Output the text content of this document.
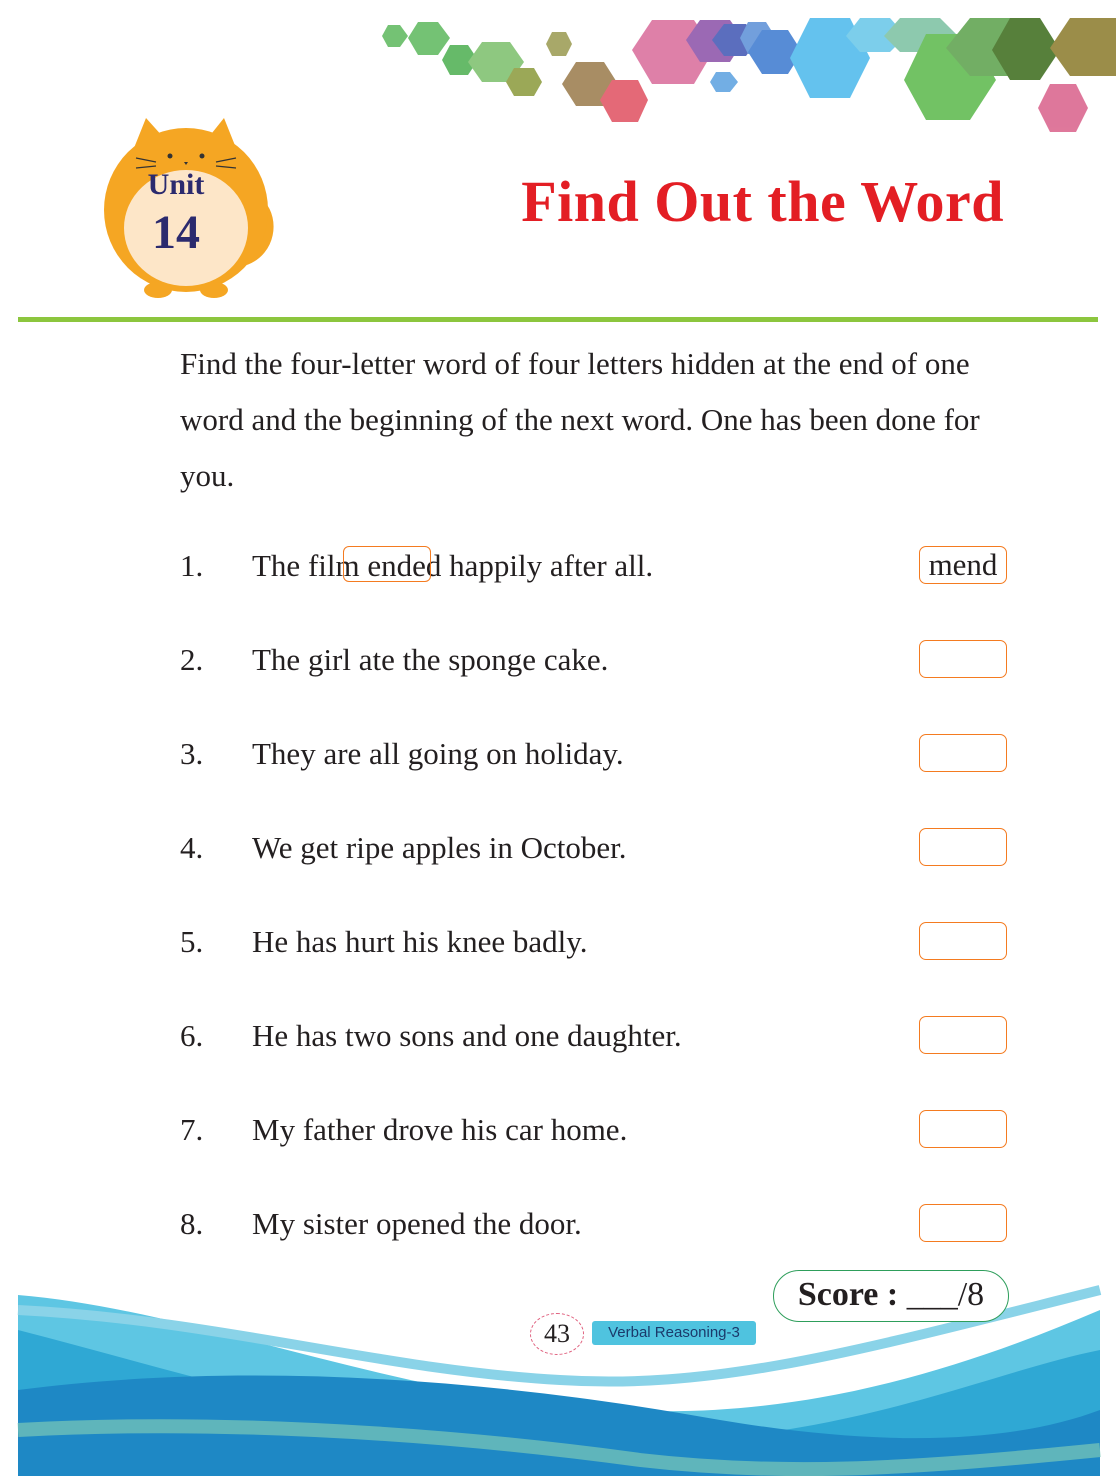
Unit
14	Find Out the Word
Find the four-letter word of four letters hidden at the end of one word and the beginning of the next word. One has been done for you.
1. The film ended happily after all.	mend
2. The girl ate the sponge cake.
3. They are all going on holiday.
4. We get ripe apples in October.
5. He has hurt his knee badly.
6. He has two sons and one daughter.
7. My father drove his car home.
8. My sister opened the door.
Score : ___/8
43	Verbal Reasoning-3
